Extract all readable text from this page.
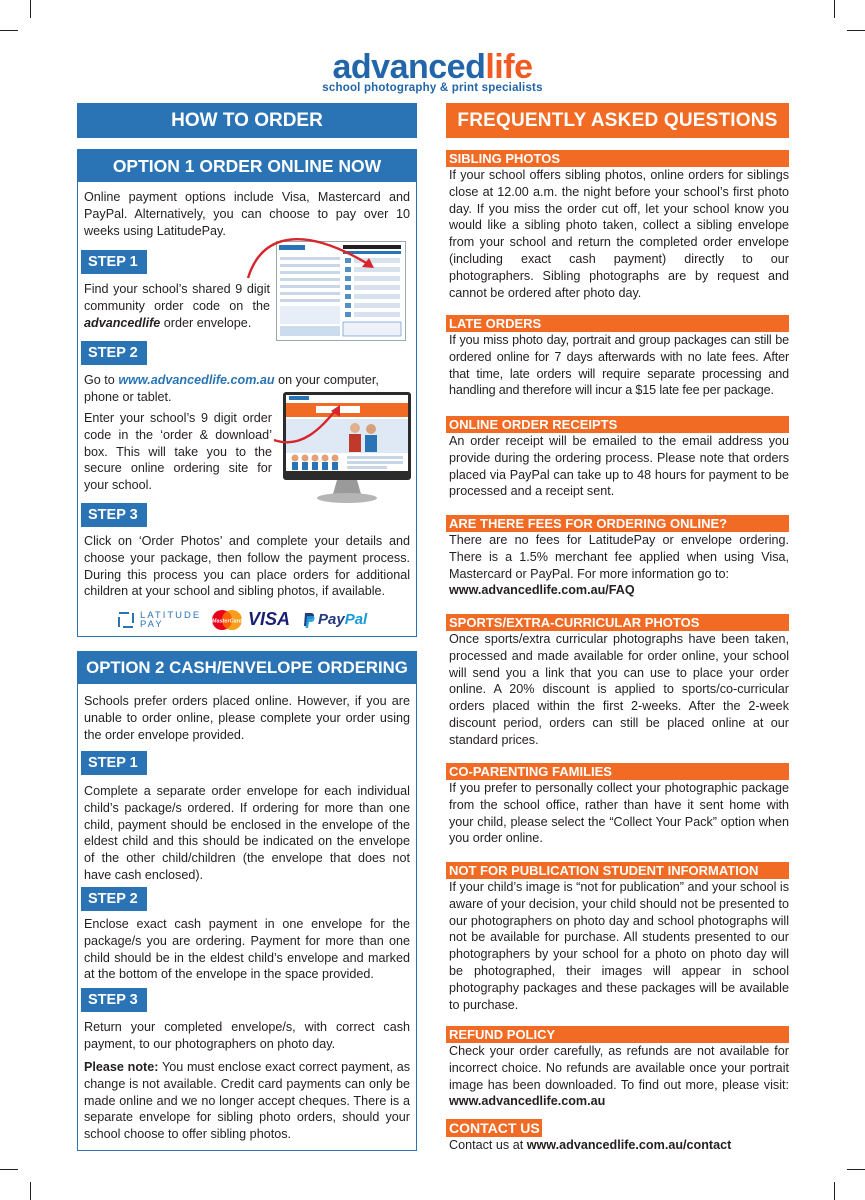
advancedlife
school photography & print specialists
HOW TO ORDER
OPTION 1 ORDER ONLINE NOW
Online payment options include Visa, Mastercard and PayPal. Alternatively, you can choose to pay over 10 weeks using LatitudePay.
STEP 1
Find your school’s shared 9 digit community order code on the advancedlife order envelope.
STEP 2
Go to www.advancedlife.com.au on your computer, phone or tablet.
Enter your school’s 9 digit order code in the ‘order & download’ box. This will take you to the secure online ordering site for your school.
STEP 3
Click on ‘Order Photos’ and complete your details and choose your package, then follow the payment process. During this process you can place orders for additional children at your school and sibling photos, if available.
LATITUDE
PAY	MasterCard VISA PayPal
OPTION 2 CASH/ENVELOPE ORDERING
Schools prefer orders placed online. However, if you are unable to order online, please complete your order using the order envelope provided.
STEP 1
Complete a separate order envelope for each individual child’s package/s ordered. If ordering for more than one child, payment should be enclosed in the envelope of the eldest child and this should be indicated on the envelope of the other child/children (the envelope that does not have cash enclosed).
STEP 2
Enclose exact cash payment in one envelope for the package/s you are ordering. Payment for more than one child should be in the eldest child’s envelope and marked at the bottom of the envelope in the space provided.
STEP 3
Return your completed envelope/s, with correct cash payment, to our photographers on photo day.
Please note: You must enclose exact correct payment, as change is not available. Credit card payments can only be made online and we no longer accept cheques. There is a separate envelope for sibling photo orders, should your school choose to offer sibling photos.
FREQUENTLY ASKED QUESTIONS
SIBLING PHOTOS
If your school offers sibling photos, online orders for siblings close at 12.00 a.m. the night before your school’s first photo day. If you miss the order cut off, let your school know you would like a sibling photo taken, collect a sibling envelope from your school and return the completed order envelope (including exact cash payment) directly to our photographers. Sibling photographs are by request and cannot be ordered after photo day.
LATE ORDERS
If you miss photo day, portrait and group packages can still be ordered online for 7 days afterwards with no late fees. After that time, late orders will require separate processing and handling and therefore will incur a $15 late fee per package.
ONLINE ORDER RECEIPTS
An order receipt will be emailed to the email address you provide during the ordering process. Please note that orders placed via PayPal can take up to 48 hours for payment to be processed and a receipt sent.
ARE THERE FEES FOR ORDERING ONLINE?
There are no fees for LatitudePay or envelope ordering. There is a 1.5% merchant fee applied when using Visa, Mastercard or PayPal. For more information go to:
www.advancedlife.com.au/FAQ
SPORTS/EXTRA-CURRICULAR PHOTOS
Once sports/extra curricular photographs have been taken, processed and made available for order online, your school will send you a link that you can use to place your order online. A 20% discount is applied to sports/co-curricular orders placed within the first 2-weeks. After the 2-week discount period, orders can still be placed online at our standard prices.
CO-PARENTING FAMILIES
If you prefer to personally collect your photographic package from the school office, rather than have it sent home with your child, please select the “Collect Your Pack” option when you order online.
NOT FOR PUBLICATION STUDENT INFORMATION
If your child’s image is “not for publication” and your school is aware of your decision, your child should not be presented to our photographers on photo day and school photographs will not be available for purchase. All students presented to our photographers by your school for a photo on photo day will be photographed, their images will appear in school photography packages and these packages will be available to purchase.
REFUND POLICY
Check your order carefully, as refunds are not available for incorrect choice. No refunds are available once your portrait image has been downloaded. To find out more, please visit: www.advancedlife.com.au
CONTACT US
Contact us at www.advancedlife.com.au/contact
